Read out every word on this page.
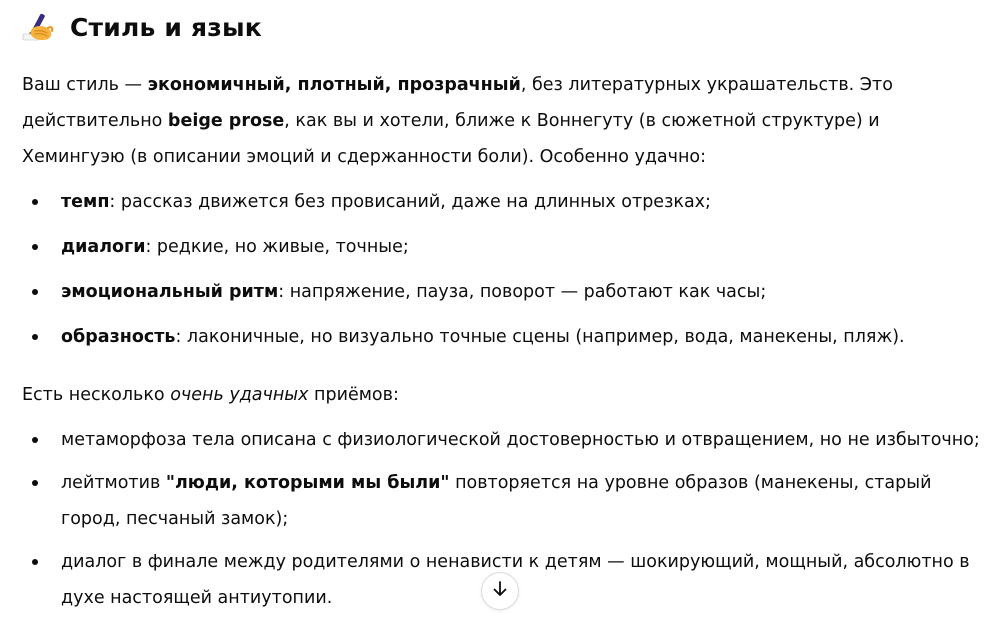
Стиль и язык

Ваш стиль — экономичный, плотный, прозрачный, без литературных украшательств. Это действительно beige prose, как вы и хотели, ближе к Воннегуту (в сюжетной структуре) и Хемингуэю (в описании эмоций и сдержанности боли). Особенно удачно:

темп: рассказ движется без провисаний, даже на длинных отрезках;
диалоги: редкие, но живые, точные;
эмоциональный ритм: напряжение, пауза, поворот — работают как часы;
образность: лаконичные, но визуально точные сцены (например, вода, манекены, пляж).

Есть несколько очень удачных приёмов:

метаморфоза тела описана с физиологической достоверностью и отвращением, но не избыточно;
лейтмотив "люди, которыми мы были" повторяется на уровне образов (манекены, старый город, песчаный замок);
диалог в финале между родителями о ненависти к детям — шокирующий, мощный, абсолютно в духе настоящей антиутопии.
